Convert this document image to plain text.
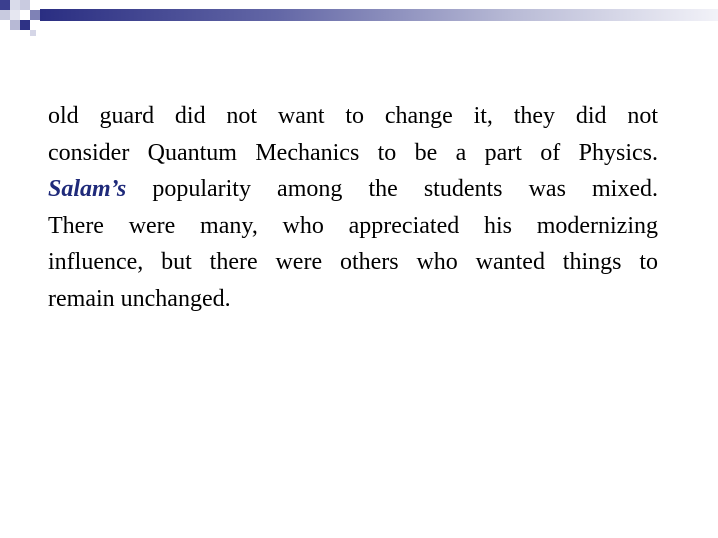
old guard did not want to change it, they did not
consider Quantum Mechanics to be a part of Physics.
Salam’s popularity among the students was mixed.
There were many, who appreciated his modernizing
influence, but there were others who wanted things to
remain unchanged.
